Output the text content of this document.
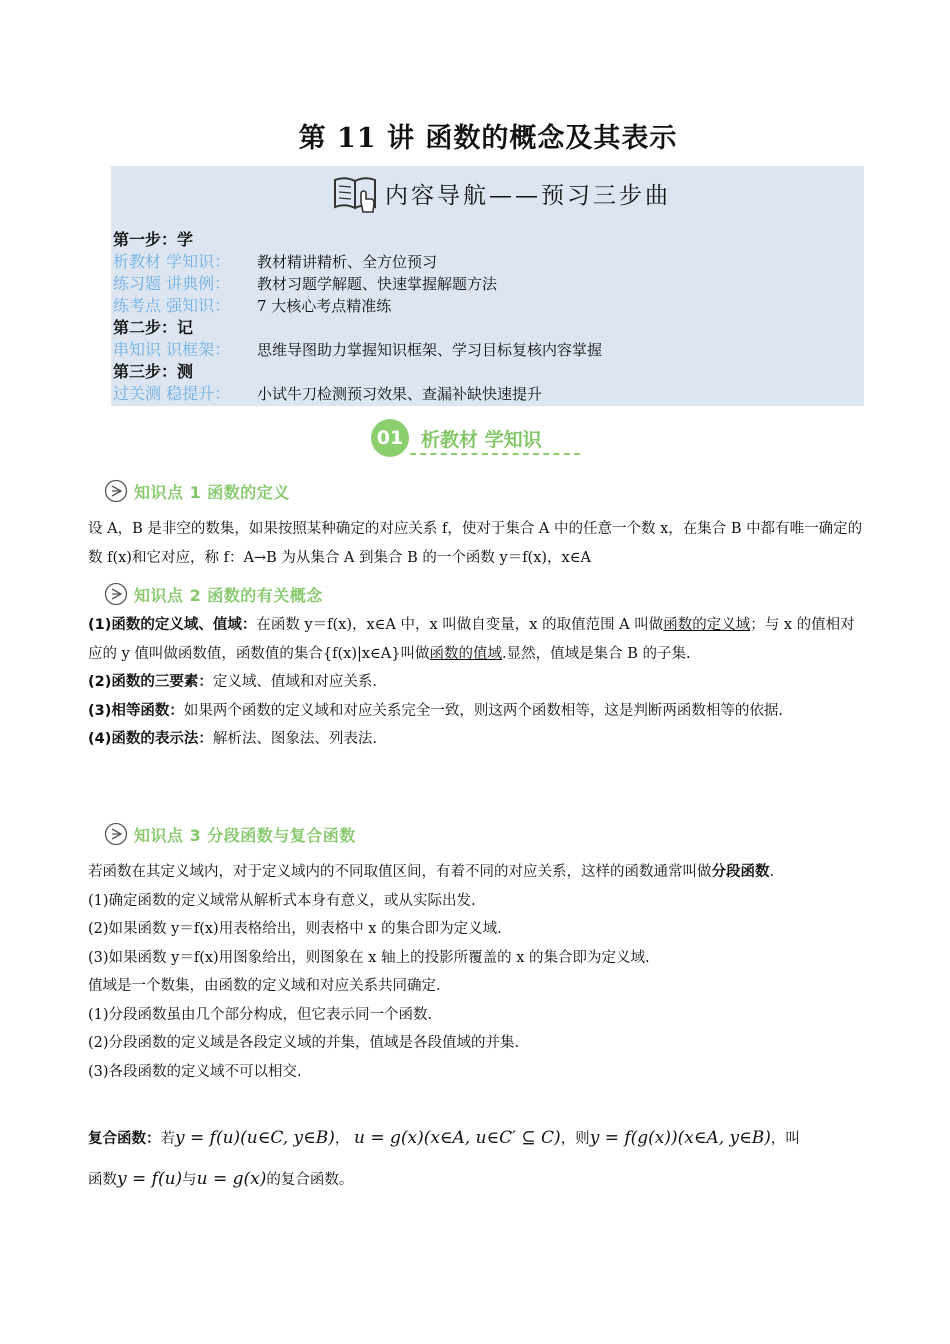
第 11 讲 函数的概念及其表示
内容导航——预习三步曲
第一步：学
析教材 学知识： 教材精讲精析、全方位预习
练习题 讲典例： 教材习题学解题、快速掌握解题方法
练考点 强知识： 7 大核心考点精准练
第二步：记
串知识 识框架： 思维导图助力掌握知识框架、学习目标复核内容掌握
第三步：测
过关测 稳提升： 小试牛刀检测预习效果、查漏补缺快速提升
01 析教材 学知识
知识点 1 函数的定义
设 A，B 是非空的数集，如果按照某种确定的对应关系 f，使对于集合 A 中的任意一个数 x，在集合 B 中都有唯一确定的数 f(x)和它对应，称 f：A→B 为从集合 A 到集合 B 的一个函数 y＝f(x)，x∈A
知识点 2 函数的有关概念
(1)函数的定义域、值域：在函数 y＝f(x)，x∈A 中，x 叫做自变量，x 的取值范围 A 叫做函数的定义域；与 x 的值相对应的 y 值叫做函数值，函数值的集合{f(x)|x∈A}叫做函数的值域.显然，值域是集合 B 的子集.
(2)函数的三要素：定义域、值域和对应关系.
(3)相等函数：如果两个函数的定义域和对应关系完全一致，则这两个函数相等，这是判断两函数相等的依据.
(4)函数的表示法：解析法、图象法、列表法.
知识点 3 分段函数与复合函数
若函数在其定义域内，对于定义域内的不同取值区间，有着不同的对应关系，这样的函数通常叫做分段函数.
(1)确定函数的定义域常从解析式本身有意义，或从实际出发.
(2)如果函数 y＝f(x)用表格给出，则表格中 x 的集合即为定义域.
(3)如果函数 y＝f(x)用图象给出，则图象在 x 轴上的投影所覆盖的 x 的集合即为定义域.
值域是一个数集，由函数的定义域和对应关系共同确定.
(1)分段函数虽由几个部分构成，但它表示同一个函数.
(2)分段函数的定义域是各段定义域的并集，值域是各段值域的并集.
(3)各段函数的定义域不可以相交.
复合函数：若y = f(u)(u∈C, y∈B)， u = g(x)(x∈A, u∈C′ ⊆ C)，则y = f(g(x))(x∈A, y∈B)，叫
函数y = f(u)与u = g(x)的复合函数。
